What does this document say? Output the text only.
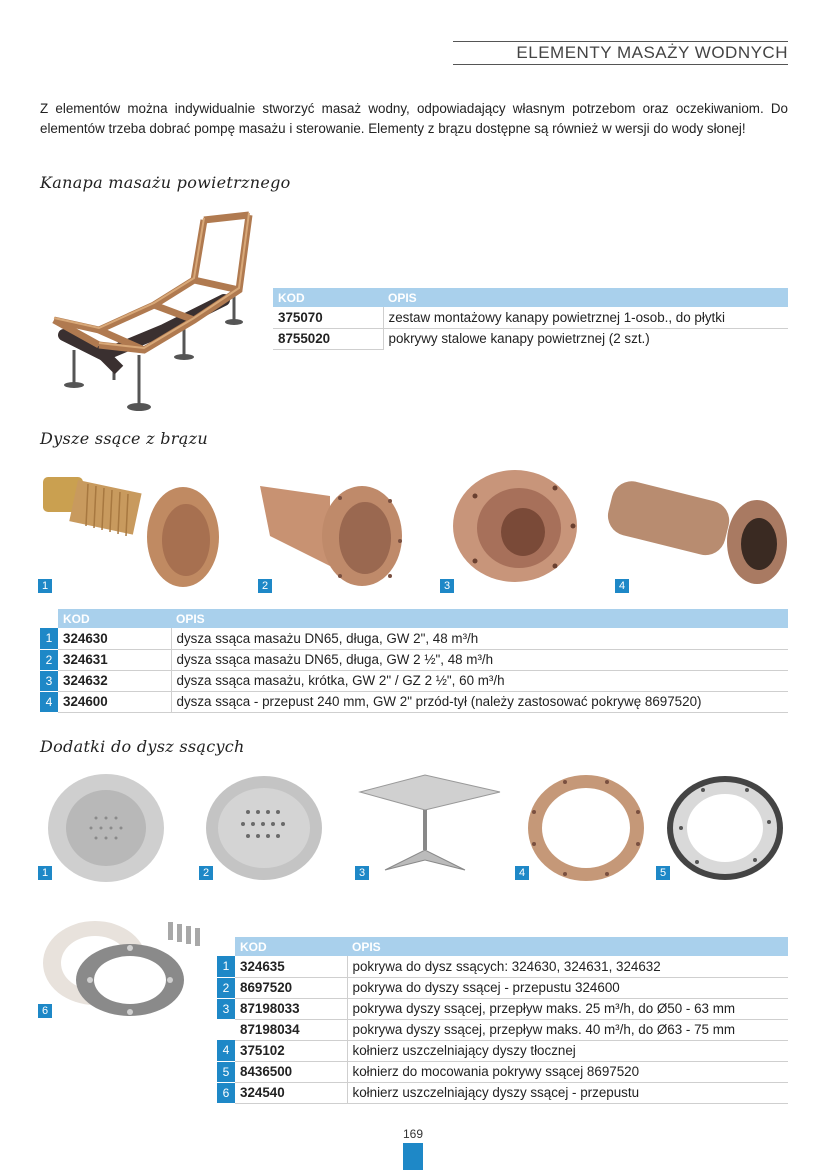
ELEMENTY MASAŻY WODNYCH

Z elementów można indywidualnie stworzyć masaż wodny, odpowiadający własnym potrzebom oraz oczekiwaniom. Do elementów trzeba dobrać pompę masażu i sterowanie. Elementy z brązu dostępne są również w wersji do wody słonej!

Kanapa masażu powietrznego
KOD	OPIS
375070	zestaw montażowy kanapy powietrznej 1-osob., do płytki
8755020	pokrywy stalowe kanapy powietrznej (2 szt.)
Dysze ssące z brązu
1	2	3	4
	KOD	OPIS
1	324630	dysza ssąca masażu DN65, długa, GW 2", 48 m³/h
2	324631	dysza ssąca masażu DN65, długa, GW 2 ½", 48 m³/h
3	324632	dysza ssąca masażu, krótka, GW 2" / GZ 2 ½", 60 m³/h
4	324600	dysza ssąca - przepust 240 mm, GW 2" przód-tył (należy zastosować pokrywę 8697520)
Dodatki do dysz ssących
1	2	3	4	5
6
	KOD	OPIS
1	324635	pokrywa do dysz ssących: 324630, 324631, 324632
2	8697520	pokrywa do dyszy ssącej - przepustu 324600
3	87198033	pokrywa dyszy ssącej, przepływ maks. 25 m³/h, do Ø50 - 63 mm
	87198034	pokrywa dyszy ssącej, przepływ maks. 40 m³/h, do Ø63 - 75 mm
4	375102	kołnierz uszczelniający dyszy tłocznej
5	8436500	kołnierz do mocowania pokrywy ssącej 8697520
6	324540	kołnierz uszczelniający dyszy ssącej - przepustu
169
